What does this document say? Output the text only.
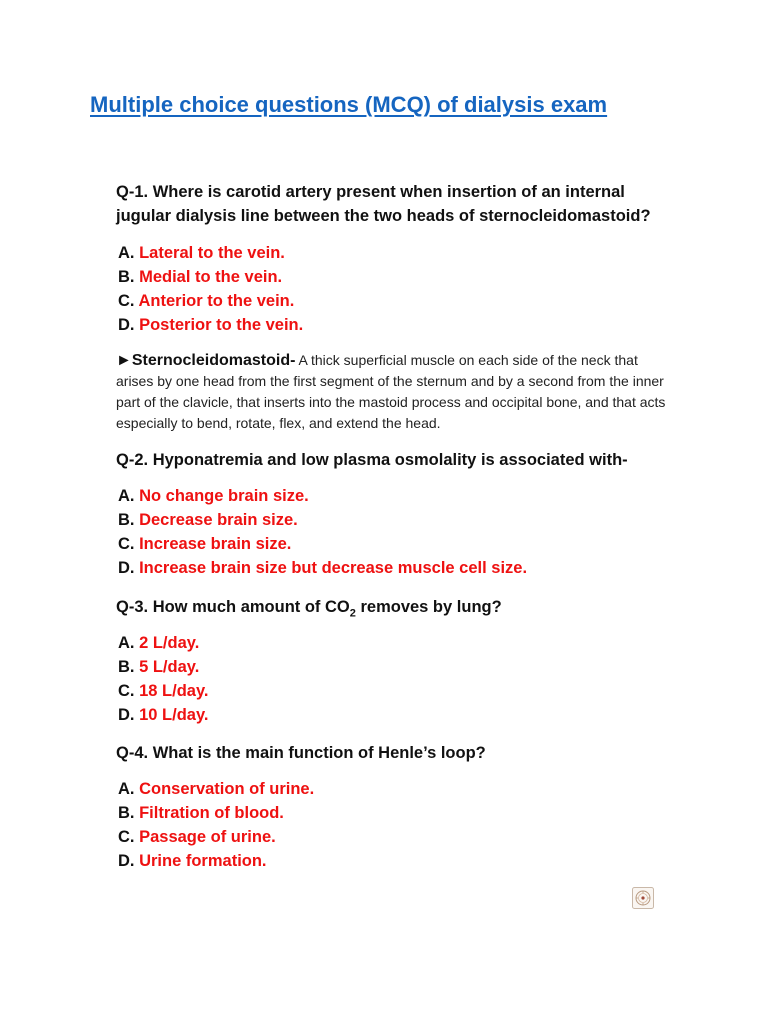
Multiple choice questions (MCQ) of dialysis exam

Q-1. Where is carotid artery present when insertion of an internal jugular dialysis line between the two heads of sternocleidomastoid?

A. Lateral to the vein.
B. Medial to the vein.
C. Anterior to the vein.
D. Posterior to the vein.

►Sternocleidomastoid- A thick superficial muscle on each side of the neck that arises by one head from the first segment of the sternum and by a second from the inner part of the clavicle, that inserts into the mastoid process and occipital bone, and that acts especially to bend, rotate, flex, and extend the head.

Q-2. Hyponatremia and low plasma osmolality is associated with-

A. No change brain size.
B. Decrease brain size.
C. Increase brain size.
D. Increase brain size but decrease muscle cell size.

Q-3. How much amount of $CO_2$ removes by lung?

A. 2 L/day.
B. 5 L/day.
C. 18 L/day.
D. 10 L/day.

Q-4. What is the main function of Henle’s loop?

A. Conservation of urine.
B. Filtration of blood.
C. Passage of urine.
D. Urine formation.
